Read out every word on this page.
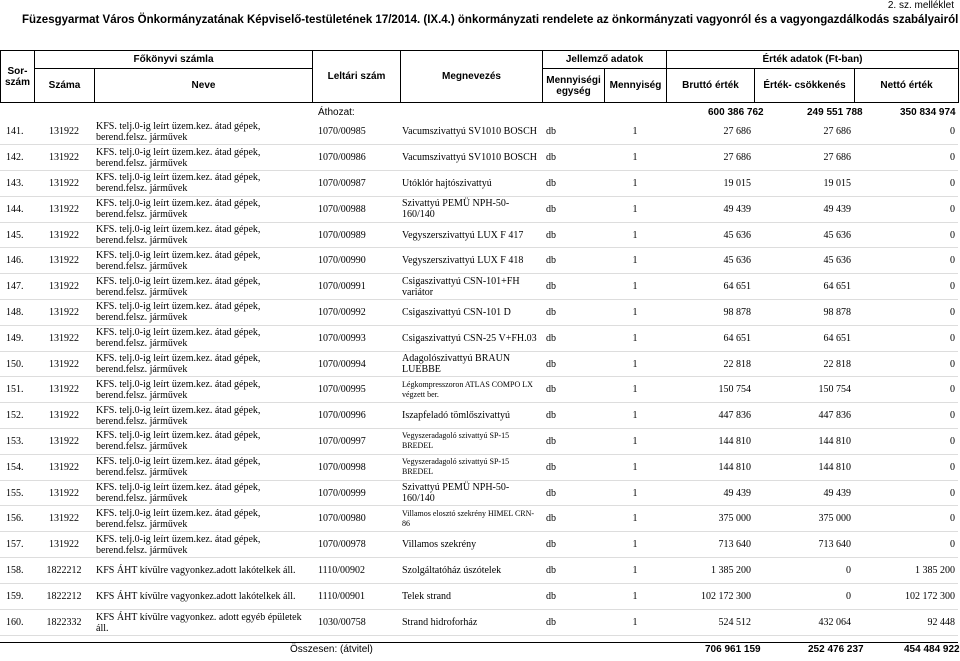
2. sz. melléklet
Füzesgyarmat Város Önkormányzatának Képviselő-testületének 17/2014. (IX.4.) önkormányzati rendelete az önkormányzati vagyonról és a vagyongazdálkodás szabályairól
Sor-szám	Főkönyvi számla		Leltári szám	Megnevezés	Jellemző adatok		Érték adatok (Ft-ban)		
	Száma	Neve			Mennyiségi egység	Mennyiség	Bruttó érték	Érték- csökkenés	Nettó érték
Áthozat:	600 386 762	249 551 788	350 834 974
141.	131922	KFS. telj.0-ig leírt üzem.kez. átad gépek, berend.felsz. járművek	1070/00985	Vacumszivattyú SV1010 BOSCH	db	1	27 686	27 686	0
142.	131922	KFS. telj.0-ig leírt üzem.kez. átad gépek, berend.felsz. járművek	1070/00986	Vacumszivattyú SV1010 BOSCH	db	1	27 686	27 686	0
143.	131922	KFS. telj.0-ig leírt üzem.kez. átad gépek, berend.felsz. járművek	1070/00987	Utóklór hajtószivattyú	db	1	19 015	19 015	0
144.	131922	KFS. telj.0-ig leírt üzem.kez. átad gépek, berend.felsz. járművek	1070/00988	Szivattyú PEMÜ NPH-50-160/140	db	1	49 439	49 439	0
145.	131922	KFS. telj.0-ig leírt üzem.kez. átad gépek, berend.felsz. járművek	1070/00989	Vegyszerszivattyú LUX F 417	db	1	45 636	45 636	0
146.	131922	KFS. telj.0-ig leírt üzem.kez. átad gépek, berend.felsz. járművek	1070/00990	Vegyszerszivattyú LUX F 418	db	1	45 636	45 636	0
147.	131922	KFS. telj.0-ig leírt üzem.kez. átad gépek, berend.felsz. járművek	1070/00991	Csigaszivattyú CSN-101+FH variátor	db	1	64 651	64 651	0
148.	131922	KFS. telj.0-ig leírt üzem.kez. átad gépek, berend.felsz. járművek	1070/00992	Csigaszivattyú CSN-101 D	db	1	98 878	98 878	0
149.	131922	KFS. telj.0-ig leírt üzem.kez. átad gépek, berend.felsz. járművek	1070/00993	Csigaszivattyú CSN-25 V+FH.03	db	1	64 651	64 651	0
150.	131922	KFS. telj.0-ig leírt üzem.kez. átad gépek, berend.felsz. járművek	1070/00994	Adagolószivattyú BRAUN LUEBBE	db	1	22 818	22 818	0
151.	131922	KFS. telj.0-ig leírt üzem.kez. átad gépek, berend.felsz. járművek	1070/00995	Légkompresszoron ATLAS COMPO LX végzett ber.	db	1	150 754	150 754	0
152.	131922	KFS. telj.0-ig leírt üzem.kez. átad gépek, berend.felsz. járművek	1070/00996	Iszapfeladó tömlőszivattyú	db	1	447 836	447 836	0
153.	131922	KFS. telj.0-ig leírt üzem.kez. átad gépek, berend.felsz. járművek	1070/00997	Vegyszeradagoló szivattyú SP-15 BREDEL	db	1	144 810	144 810	0
154.	131922	KFS. telj.0-ig leírt üzem.kez. átad gépek, berend.felsz. járművek	1070/00998	Vegyszeradagoló szivattyú SP-15 BREDEL	db	1	144 810	144 810	0
155.	131922	KFS. telj.0-ig leírt üzem.kez. átad gépek, berend.felsz. járművek	1070/00999	Szivattyú PEMÜ NPH-50-160/140	db	1	49 439	49 439	0
156.	131922	KFS. telj.0-ig leírt üzem.kez. átad gépek, berend.felsz. járművek	1070/00980	Villamos elosztó szekrény HIMEL CRN-86	db	1	375 000	375 000	0
157.	131922	KFS. telj.0-ig leírt üzem.kez. átad gépek, berend.felsz. járművek	1070/00978	Villamos szekrény	db	1	713 640	713 640	0
158.	1822212	KFS ÁHT kívülre vagyonkez.adott lakótelkek áll.	1110/00902	Szolgáltatóház úszótelek	db	1	1 385 200	0	1 385 200
159.	1822212	KFS ÁHT kívülre vagyonkez.adott lakótelkek áll.	1110/00901	Telek strand	db	1	102 172 300	0	102 172 300
160.	1822332	KFS ÁHT kívülre vagyonkez. adott egyéb épületek áll.	1030/00758	Strand hidroforház	db	1	524 512	432 064	92 448
Összesen: (átvitel)	706 961 159	252 476 237	454 484 922
